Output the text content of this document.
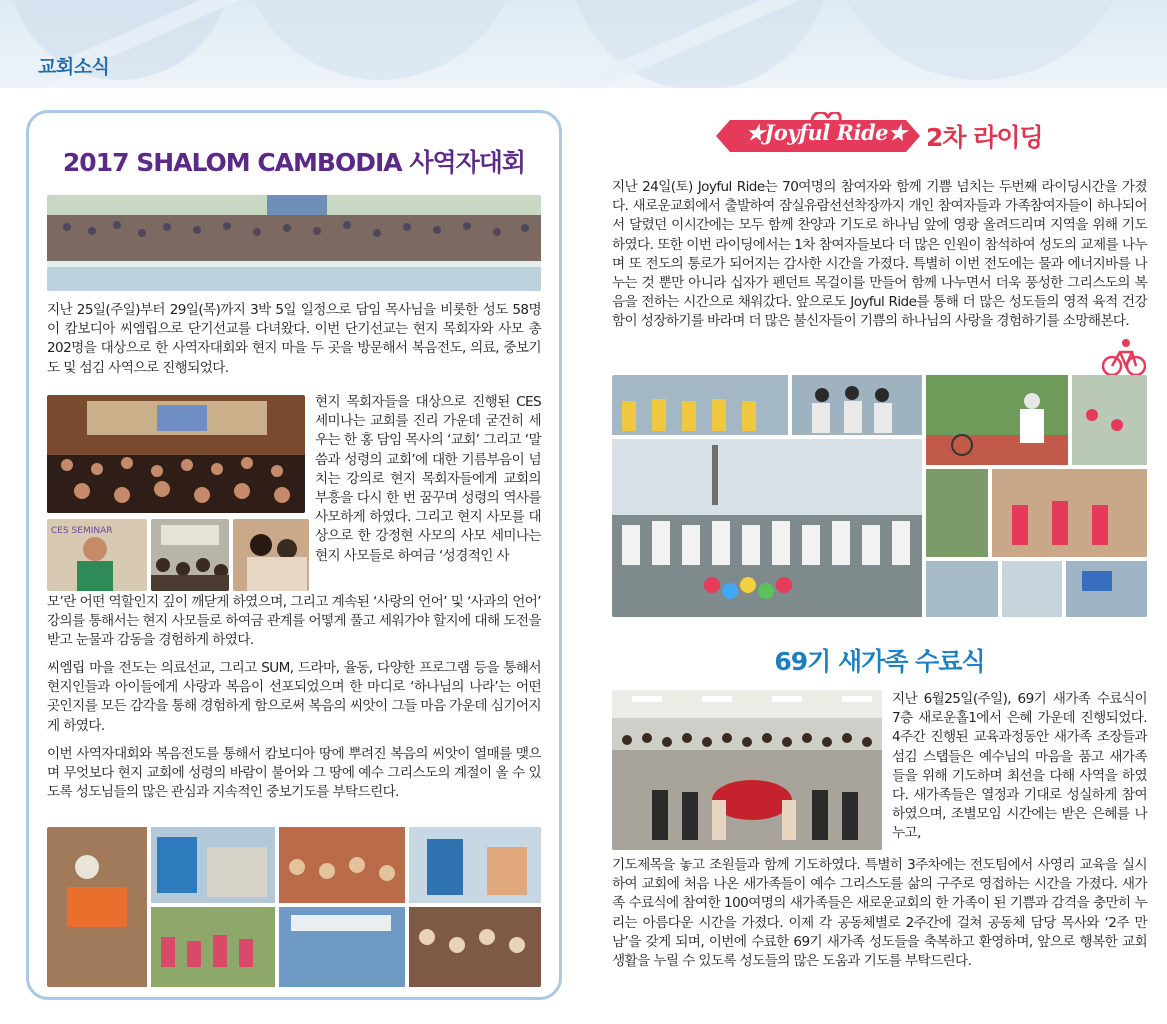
교회소식
2017 SHALOM CAMBODIA 사역자대회
지난 25일(주일)부터 29일(목)까지 3박 5일 일정으로 담임 목사님을 비롯한 성도 58명이 캄보디아 씨엠립으로 단기선교를 다녀왔다. 이번 단기선교는 현지 목회자와 사모 총 202명을 대상으로 한 사역자대회와 현지 마을 두 곳을 방문해서 복음전도, 의료, 중보기도 및 섬김 사역으로 진행되었다.
현지 목회자들을 대상으로 진행된 CES 세미나는 교회를 진리 가운데 굳건히 세우는 한 홍 담임 목사의 ‘교회’ 그리고 ‘말씀과 성령의 교회’에 대한 기름부음이 넘치는 강의로 현지 목회자들에게 교회의 부흥을 다시 한 번 꿈꾸며 성령의 역사를 사모하게 하였다. 그리고 현지 사모를 대상으로 한 강정현 사모의 사모 세미나는 현지 사모들로 하여금 ‘성경적인 사
CES SEMINAR
모’란 어떤 역할인지 깊이 깨닫게 하였으며, 그리고 계속된 ‘사랑의 언어’ 및 ‘사과의 언어’ 강의를 통해서는 현지 사모들로 하여금 관계를 어떻게 풀고 세워가야 할지에 대해 도전을 받고 눈물과 감동을 경험하게 하였다.
씨엠립 마을 전도는 의료선교, 그리고 SUM, 드라마, 율동, 다양한 프로그램 등을 통해서 현지인들과 아이들에게 사랑과 복음이 선포되었으며 한 마디로 ‘하나님의 나라’는 어떤 곳인지를 모든 감각을 통해 경험하게 함으로써 복음의 씨앗이 그들 마음 가운데 심기어지게 하였다.
이번 사역자대회와 복음전도를 통해서 캄보디아 땅에 뿌려진 복음의 씨앗이 열매를 맺으며 무엇보다 현지 교회에 성령의 바람이 불어와 그 땅에 예수 그리스도의 계절이 올 수 있도록 성도님들의 많은 관심과 지속적인 중보기도를 부탁드린다.
★Joyful Ride★ 2차 라이딩
지난 24일(토) Joyful Ride는 70여명의 참여자와 함께 기쁨 넘치는 두번째 라이딩시간을 가졌다. 새로운교회에서 출발하여 잠실유람선선착장까지 개인 참여자들과 가족참여자들이 하나되어서 달렸던 이시간에는 모두 함께 찬양과 기도로 하나님 앞에 영광 올려드리며 지역을 위해 기도하였다. 또한 이번 라이딩에서는 1차 참여자들보다 더 많은 인원이 참석하여 성도의 교제를 나누며 또 전도의 통로가 되어지는 감사한 시간을 가졌다. 특별히 이번 전도에는 물과 에너지바를 나누는 것 뿐만 아니라 십자가 펜던트 목걸이를 만들어 함께 나누면서 더욱 풍성한 그리스도의 복음을 전하는 시간으로 채워갔다. 앞으로도 Joyful Ride를 통해 더 많은 성도들의 영적 육적 건강함이 성장하기를 바라며 더 많은 불신자들이 기쁨의 하나님의 사랑을 경험하기를 소망해본다.
69기 새가족 수료식
지난 6월25일(주일), 69기 새가족 수료식이 7층 새로운홀1에서 은혜 가운데 진행되었다. 4주간 진행된 교육과정동안 새가족 조장들과 섬김 스탭들은 예수님의 마음을 품고 새가족들을 위해 기도하며 최선을 다해 사역을 하였다. 새가족들은 열정과 기대로 성실하게 참여하였으며, 조별모임 시간에는 받은 은혜를 나누고,
기도제목을 놓고 조원들과 함께 기도하였다. 특별히 3주차에는 전도팀에서 사영리 교육을 실시하여 교회에 처음 나온 새가족들이 예수 그리스도를 삶의 구주로 영접하는 시간을 가졌다. 새가족 수료식에 참여한 100여명의 새가족들은 새로운교회의 한 가족이 된 기쁨과 감격을 충만히 누리는 아름다운 시간을 가졌다. 이제 각 공동체별로 2주간에 걸쳐 공동체 담당 목사와 ‘2주 만남’을 갖게 되며, 이번에 수료한 69기 새가족 성도들을 축복하고 환영하며, 앞으로 행복한 교회생활을 누릴 수 있도록 성도들의 많은 도움과 기도를 부탁드린다.
